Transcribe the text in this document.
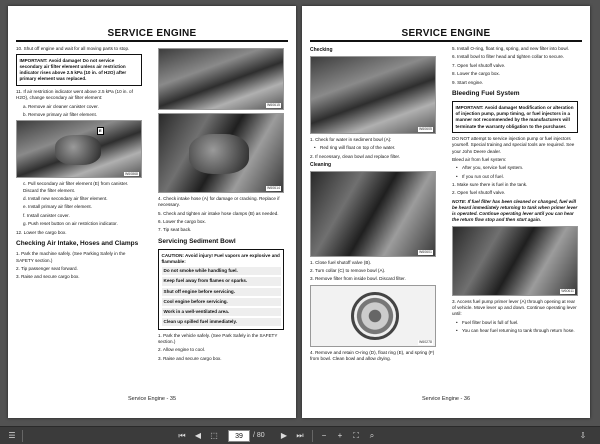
SERVICE ENGINE

10. Shut off engine and wait for all moving parts to stop.

IMPORTANT: Avoid damage! Do not service secondary air filter element unless air restriction indicator rises above 2.5 kPa (10 in. of H2O) after primary element was replaced.

11. If air restriction indicator went above 2.5 kPa (10 in. of H2O), change secondary air filter element:

a. Remove air cleaner canister cover.

b. Remove primary air filter element.

E
W60868

c. Pull secondary air filter element (E) from canister. Discard the filter element.

d. Install new secondary air filter element.

e. Install primary air filter element.

f. Install canister cover.

g. Push reset button on air restriction indicator.

12. Lower the cargo box.

Checking Air Intake, Hoses and Clamps

1. Park the machine safely. (See Parking Safely in the SAFETY section.)

2. Tip passenger seat forward.

3. Raise and secure cargo box.

W60615
W60614

4. Check intake hose (A) for damage or cracking. Replace if necessary.

5. Check and tighten air intake hose clamps (B) as needed.

6. Lower the cargo box.

7. Tip seat back.

Servicing Sediment Bowl
CAUTION: Avoid injury! Fuel vapors are explosive and flammable:
Do not smoke while handling fuel.
Keep fuel away from flames or sparks.
Shut off engine before servicing.
Cool engine before servicing.
Work in a well-ventilated area.
Clean up spilled fuel immediately.

1. Park the vehicle safely. (See Park Safely in the SAFETY section.)

2. Allow engine to cool.

3. Raise and secure cargo box.

Service Engine - 35
SERVICE ENGINE
Checking
W60605

1. Check for water in sediment bowl (A):

• Red ring will float on top of the water.

2. If necessary, clean bowl and replace filter.

Cleaning
W60601

1. Close fuel shutoff valve (B).

2. Turn collar (C) to remove bowl (A).

3. Remove filter from inside bowl. Discard filter.

W60278

4. Remove and retain O-ring (D), float ring (E), and spring (F) from bowl. Clean bowl and allow drying.

5. Install O-ring, float ring, spring, and new filter into bowl.

6. Install bowl to filter head and tighten collar to secure.

7. Open fuel shutoff valve.

8. Lower the cargo box.

9. Start engine.

Bleeding Fuel System
IMPORTANT: Avoid damage! Modification or alteration of injection pump, pump timing, or fuel injectors in a manner not recommended by the manufacturers will terminate the warranty obligation to the purchaser.

DO NOT attempt to service injection pump or fuel injectors yourself. Special training and special tools are required. See your John Deere dealer.

Bleed air from fuel system:

• After you, service fuel system.

• If you run out of fuel.

1. Make sure there is fuel in the tank.

2. Open fuel shutoff valve.

NOTE: If fuel filter has been cleaned or changed, fuel will be heard immediately returning to tank when primer lever is operated. Continue operating lever until you can hear the return flow stop and then start again.

W60611

3. Access fuel pump primer lever (A) through opening at rear of vehicle. Move lever up and down. Continue operating lever until:

• Fuel filter bowl is full of fuel.

• You can hear fuel returning to tank through return hose.

Service Engine - 36
☰	⏮	◀	⬚
39	/ 80	▶	⏭	−	+	⛶	⌕	⇩
